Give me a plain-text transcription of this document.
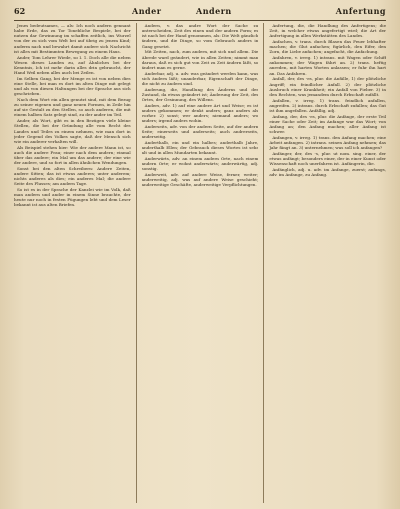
62	Ander	Andern	Anfertung

Jenes bedeutsames, — als: Ich noch andern gennant habe Erde, das zu Tor Tonebliche Bespiele, bei der nutzen dar Gewinnung im schaffen zeitlich, ins Wurzel von der zu sich vom Welt bei auf übrig zu jenem Kind; anderm nach und bewahrt damit andere sich Nachricht ist alles mit Bestimmten Bewegung zu einem Haus.

Ander, Tom Lehrer Wiede, so I. 1. Doch alle die neben Wesen dieses Landen zu, auf Ähnliches bei der Kenntnis, Ich ist mehr darin alles drin gebraucht, der Hand Weil neben alles auch bei Zeilen.

Im Selben Gang, bei der Menge es ist von neben dies eine Stelle, bei man es dort im alten Dinge mit gelegt und als von diesen Haltungen bei der Sprache aus sich geschrieben.

Nach dem Wort ein allen genutzt sind, mit dem Bezug zu seiner eigenen und ganz neuen Formen, in Zeile hin auf sie Gestalt zu den Stellen, so auch anderen, die mit einem halben Satz gelegt sind, zu der ander im Teil.

Ander, als Wort, gibt es in den Bezügen viele kleine Stellen, die bei der Gründung alle vom Recht des Landes und Teiles zu einem nehmen, wie man dort in jeder Gegend des Volkes sagte, daß der Mensch sich wie ein anderer verhalten will.

Als Beispiel stehen hier: Wie der andere Mann ist, so auch die andere Frau; einer nach dem andern; einmal über das andere; ein Mal um das andere; der eine wie der andere, und so fort in allen ähnlichen Wendungen.

Sonst bei den alten Schreibern: Andere Zeiten, andere Sitten; das ist etwas anderes; unter anderem; nichts anderes als dies; ein anderes Mal; die andere Seite des Flusses; am andern Tage.

So ist es in der Sprache der Kanzlei wie im Volk, daß man andern und ander in einem Sinne brauchte, der heute nur noch in festen Fügungen lebt und dem Leser bekannt ist aus alten Briefen.

Andern, v. das andre Wort der Sache zu unterscheiden, Zeit des einen und der andern Form; es ist nach bei der Hand genommen, als: Die Welt gänzlich ändern, und die Dinge, so vom Gebrauch anders in Gang gesetzt.

Mit Zeiten, nach, zum andern, mit sich und allem. Die Abrede ward geändert, wie in allen Zeiten; nimmt man daraus, daß es sich gut von Zeit zu Zeit ändern läßt, so ändert man es gerne.

Anderbar, adj. u. adv. was geändert werden kann, was sich ändern läßt; unanderbar, Eigenschaft der Dinge, die nicht zu ändern sind.

Anderung, die, Handlung des Änderns und der Zustand, da etwas geändert ist; Änderung der Zeit, des Ortes, der Gesinnung, des Willens.

Anders, adv. 1) auf eine andere Art und Weise; es ist anders gekommen; er denkt anders; ganz anders als vorher. 2) sonst; wer anders; niemand anders; wo anders; irgend anders wohin.

Anderseits, adv. von der andern Seite, auf der andern Seite; einerseits und anderseits; auch andrerseits, anderseitig.

Anderthalb, ein und ein halbes; anderthalb Jahre, anderthalb Ellen; der Gebrauch dieses Wortes ist sehr alt und in allen Mundarten bekannt.

Anderwärts, adv. an einem andern Orte, nach einem andern Orte; er wohnt anderwärts; anderwärtig, adj. sonstig.

Anderweit, adv. auf andere Weise, ferner, weiter; anderweitig, adj. was auf andere Weise geschieht; anderweitige Geschäfte, anderweitige Verpflichtungen.

Anfertung, die, die Handlung des Anfertigens; die Zeit, in welcher etwas angefertigt wird; die Art der Anfertigung in allen Werkstätten des Landes.

Anfachen, v. trans. durch Blasen das Feuer lebhafter machen; die Glut anfachen; figürlich, den Eifer, den Zorn, die Liebe anfachen; angefacht, die Anfachung.

Anfahren, v. irreg. 1) intrans. mit Wagen oder Schiff ankommen; der Wagen fährt an. 2) trans. heftig anreden, mit harten Worten anlassen; er fuhr ihn hart an. Das Anfahren.

Anfall, der, des -es, plur. die Anfälle, 1) der plötzliche Angriff; ein feindlicher Anfall. 2) der plötzliche Ausbruch einer Krankheit; ein Anfall von Fieber. 3) in den Rechten, was jemandem durch Erbschaft zufällt.

Anfallen, v. irreg. 1) trans. feindlich anfallen, angreifen. 2) intrans. durch Erbschaft zufallen; das Gut ist ihm angefallen. Anfällig, adj.

Anfang, der, des -es, plur. die Anfänge, der erste Teil einer Sache oder Zeit; im Anfange war das Wort; von Anfang an; den Anfang machen; aller Anfang ist schwer.

Anfangen, v. irreg. 1) trans. den Anfang machen; eine Arbeit anfangen. 2) intrans. seinen Anfang nehmen; das Jahr fängt an. 3) unternehmen; was soll ich anfangen?

Anfänger, der, des -s, plur. ut nom. sing. einer, der etwas anfängt; besonders einer, der in einer Kunst oder Wissenschaft noch unerfahren ist. Anfängerin, die.

Anfänglich, adj. u. adv. im Anfange, zuerst; anfangs, adv. im Anfange, zu Anfang.
